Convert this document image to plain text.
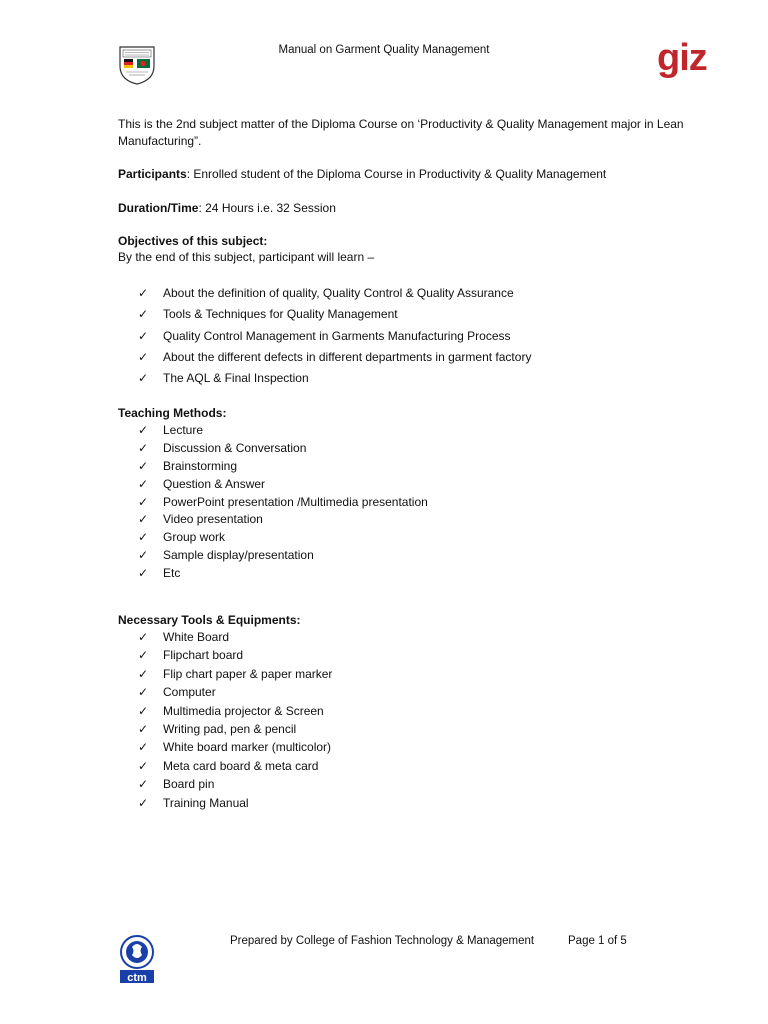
Manual on Garment Quality Management	giz
This is the 2nd subject matter of the Diploma Course on ‘Productivity & Quality Management major in Lean Manufacturing”.
Participants: Enrolled student of the Diploma Course in Productivity & Quality Management
Duration/Time: 24 Hours i.e. 32 Session
Objectives of this subject:
By the end of this subject, participant will learn –
✓ About the definition of quality, Quality Control & Quality Assurance
✓ Tools & Techniques for Quality Management
✓ Quality Control Management in Garments Manufacturing Process
✓ About the different defects in different departments in garment factory
✓ The AQL & Final Inspection
Teaching Methods:
✓ Lecture
✓ Discussion & Conversation
✓ Brainstorming
✓ Question & Answer
✓ PowerPoint presentation /Multimedia presentation
✓ Video presentation
✓ Group work
✓ Sample display/presentation
✓ Etc
Necessary Tools & Equipments:
✓ White Board
✓ Flipchart board
✓ Flip chart paper & paper marker
✓ Computer
✓ Multimedia projector & Screen
✓ Writing pad, pen & pencil
✓ White board marker (multicolor)
✓ Meta card board & meta card
✓ Board pin
✓ Training Manual
ctm
Prepared by College of Fashion Technology & Management	Page 1 of 5
